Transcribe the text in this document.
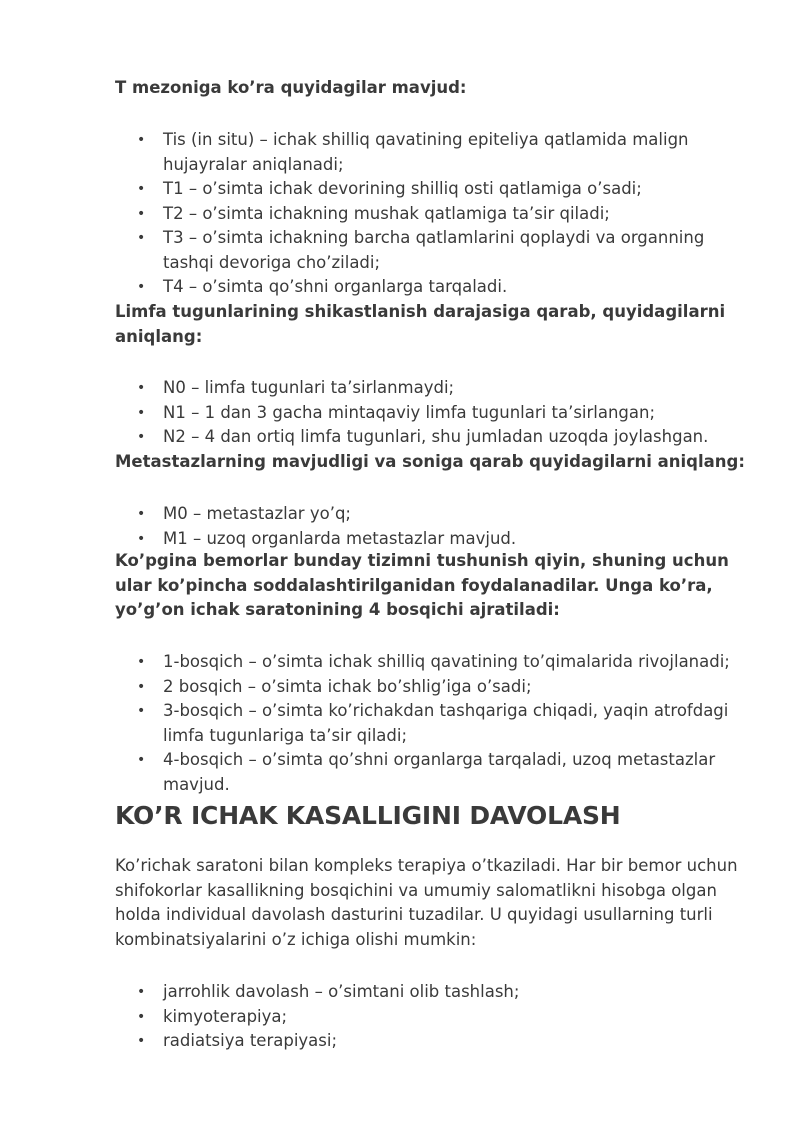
T mezoniga ko’ra quyidagilar mavjud:

• Tis (in situ) – ichak shilliq qavatining epiteliya qatlamida malign hujayralar aniqlanadi;
• T1 – o’simta ichak devorining shilliq osti qatlamiga o’sadi;
• T2 – o’simta ichakning mushak qatlamiga ta’sir qiladi;
• T3 – o’simta ichakning barcha qatlamlarini qoplaydi va organning tashqi devoriga cho’ziladi;
• T4 – o’simta qo’shni organlarga tarqaladi.

Limfa tugunlarining shikastlanish darajasiga qarab, quyidagilarni aniqlang:

• N0 – limfa tugunlari ta’sirlanmaydi;
• N1 – 1 dan 3 gacha mintaqaviy limfa tugunlari ta’sirlangan;
• N2 – 4 dan ortiq limfa tugunlari, shu jumladan uzoqda joylashgan.

Metastazlarning mavjudligi va soniga qarab quyidagilarni aniqlang:

• M0 – metastazlar yo’q;
• M1 – uzoq organlarda metastazlar mavjud.

Ko’pgina bemorlar bunday tizimni tushunish qiyin, shuning uchun ular ko’pincha soddalashtirilganidan foydalanadilar. Unga ko’ra, yo’g’on ichak saratonining 4 bosqichi ajratiladi:

• 1-bosqich – o’simta ichak shilliq qavatining to’qimalarida rivojlanadi;
• 2 bosqich – o’simta ichak bo’shlig’iga o’sadi;
• 3-bosqich – o’simta ko’richakdan tashqariga chiqadi, yaqin atrofdagi limfa tugunlariga ta’sir qiladi;
• 4-bosqich – o’simta qo’shni organlarga tarqaladi, uzoq metastazlar mavjud.
KO’R ICHAK KASALLIGINI DAVOLASH

Ko’richak saratoni bilan kompleks terapiya o’tkaziladi. Har bir bemor uchun shifokorlar kasallikning bosqichini va umumiy salomatlikni hisobga olgan holda individual davolash dasturini tuzadilar. U quyidagi usullarning turli kombinatsiyalarini o’z ichiga olishi mumkin:

• jarrohlik davolash – o’simtani olib tashlash;
• kimyoterapiya;
• radiatsiya terapiyasi;
